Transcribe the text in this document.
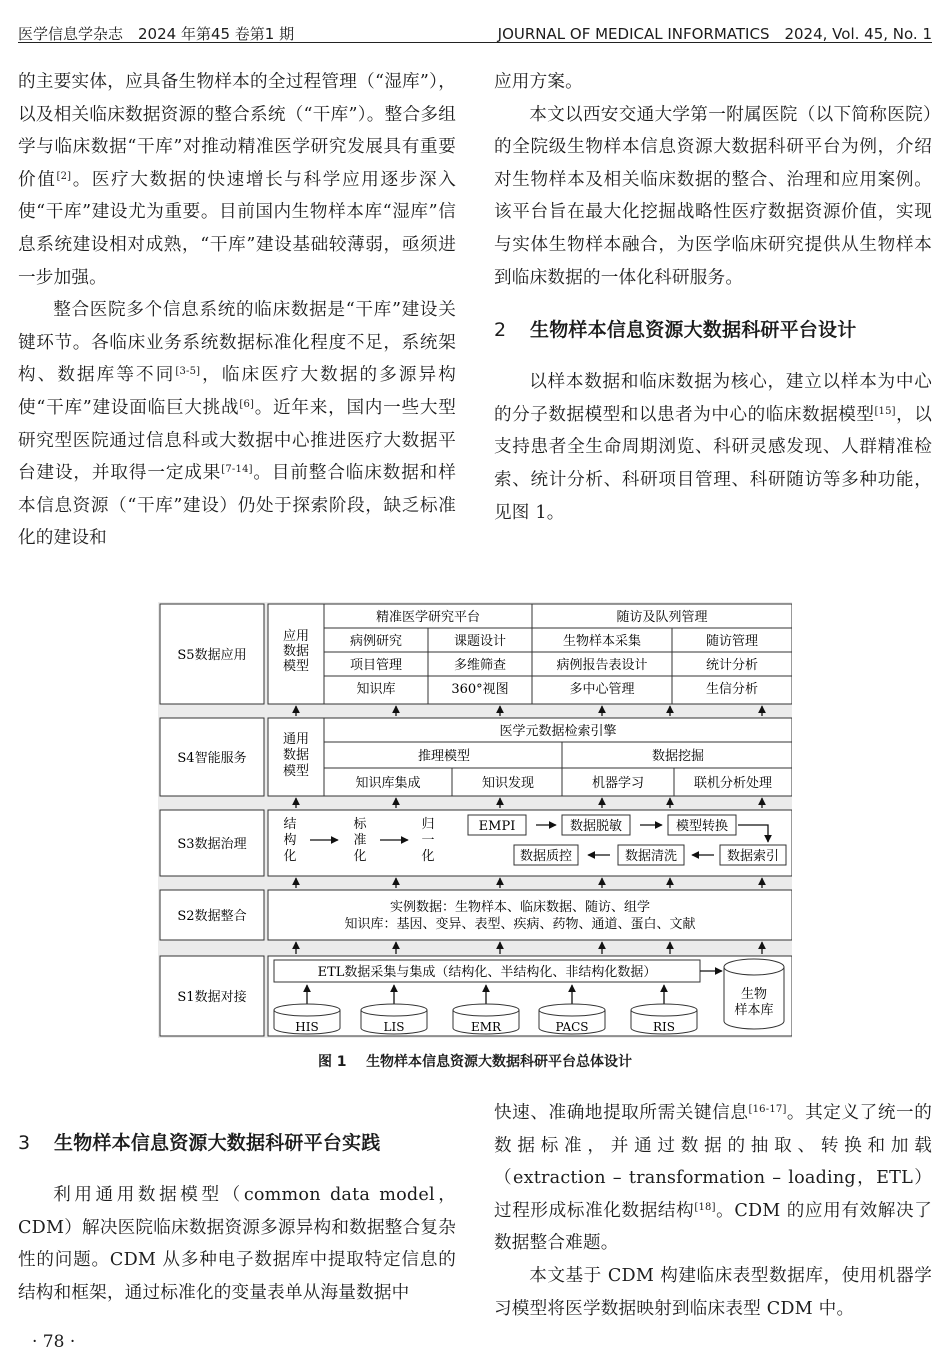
医学信息学杂志　2024 年第45 卷第1 期	JOURNAL OF MEDICAL INFORMATICS　2024, Vol. 45, No. 1

的主要实体，应具备生物样本的全过程管理（“湿库”），以及相关临床数据资源的整合系统（“干库”）。整合多组学与临床数据“干库”对推动精准医学研究发展具有重要价值[2]。医疗大数据的快速增长与科学应用逐步深入使“干库”建设尤为重要。目前国内生物样本库“湿库”信息系统建设相对成熟，“干库”建设基础较薄弱，亟须进一步加强。

整合医院多个信息系统的临床数据是“干库”建设关键环节。各临床业务系统数据标准化程度不足，系统架构、数据库等不同[3-5]，临床医疗大数据的多源异构使“干库”建设面临巨大挑战[6]。近年来，国内一些大型研究型医院通过信息科或大数据中心推进医疗大数据平台建设，并取得一定成果[7-14]。目前整合临床数据和样本信息资源（“干库”建设）仍处于探索阶段，缺乏标准化的建设和

应用方案。

本文以西安交通大学第一附属医院（以下简称医院）的全院级生物样本信息资源大数据科研平台为例，介绍对生物样本及相关临床数据的整合、治理和应用案例。该平台旨在最大化挖掘战略性医疗数据资源价值，实现与实体生物样本融合，为医学临床研究提供从生物样本到临床数据的一体化科研服务。

2 生物样本信息资源大数据科研平台设计

以样本数据和临床数据为核心，建立以样本为中心的分子数据模型和以患者为中心的临床数据模型[15]，以支持患者全生命周期浏览、科研灵感发现、人群精准检索、统计分析、科研项目管理、科研随访等多种功能，见图 1。

S5数据应用
应用
数据
模型
精准医学研究平台	随访及队列管理
病例研究	课题设计	生物样本采集	随访管理
项目管理	多维筛查	病例报告表设计	统计分析
知识库	360°视图	多中心管理	生信分析
S4智能服务
通用
数据
模型
医学元数据检索引擎
推理模型	数据挖掘
知识库集成	知识发现	机器学习	联机分析处理
S3数据治理
结
构
化
标
准
化
归
一
化
EMPI	数据脱敏	模型转换
数据质控	数据清洗	数据索引
S2数据整合
实例数据：生物样本、临床数据、随访、组学
知识库：基因、变异、表型、疾病、药物、通道、蛋白、文献
S1数据对接
ETL数据采集与集成（结构化、半结构化、非结构化数据）
HIS	LIS	EMR	PACS	RIS
生物
样本库
图 1 生物样本信息资源大数据科研平台总体设计
3 生物样本信息资源大数据科研平台实践

利用通用数据模型（common data model，CDM）解决医院临床数据资源多源异构和数据整合复杂性的问题。CDM 从多种电子数据库中提取特定信息的结构和框架，通过标准化的变量表单从海量数据中

快速、准确地提取所需关键信息[16-17]。其定义了统一的数据标准，并通过数据的抽取、转换和加载（extraction – transformation – loading，ETL）过程形成标准化数据结构[18]。CDM 的应用有效解决了数据整合难题。

本文基于 CDM 构建临床表型数据库，使用机器学习模型将医学数据映射到临床表型 CDM 中。

· 78 ·
